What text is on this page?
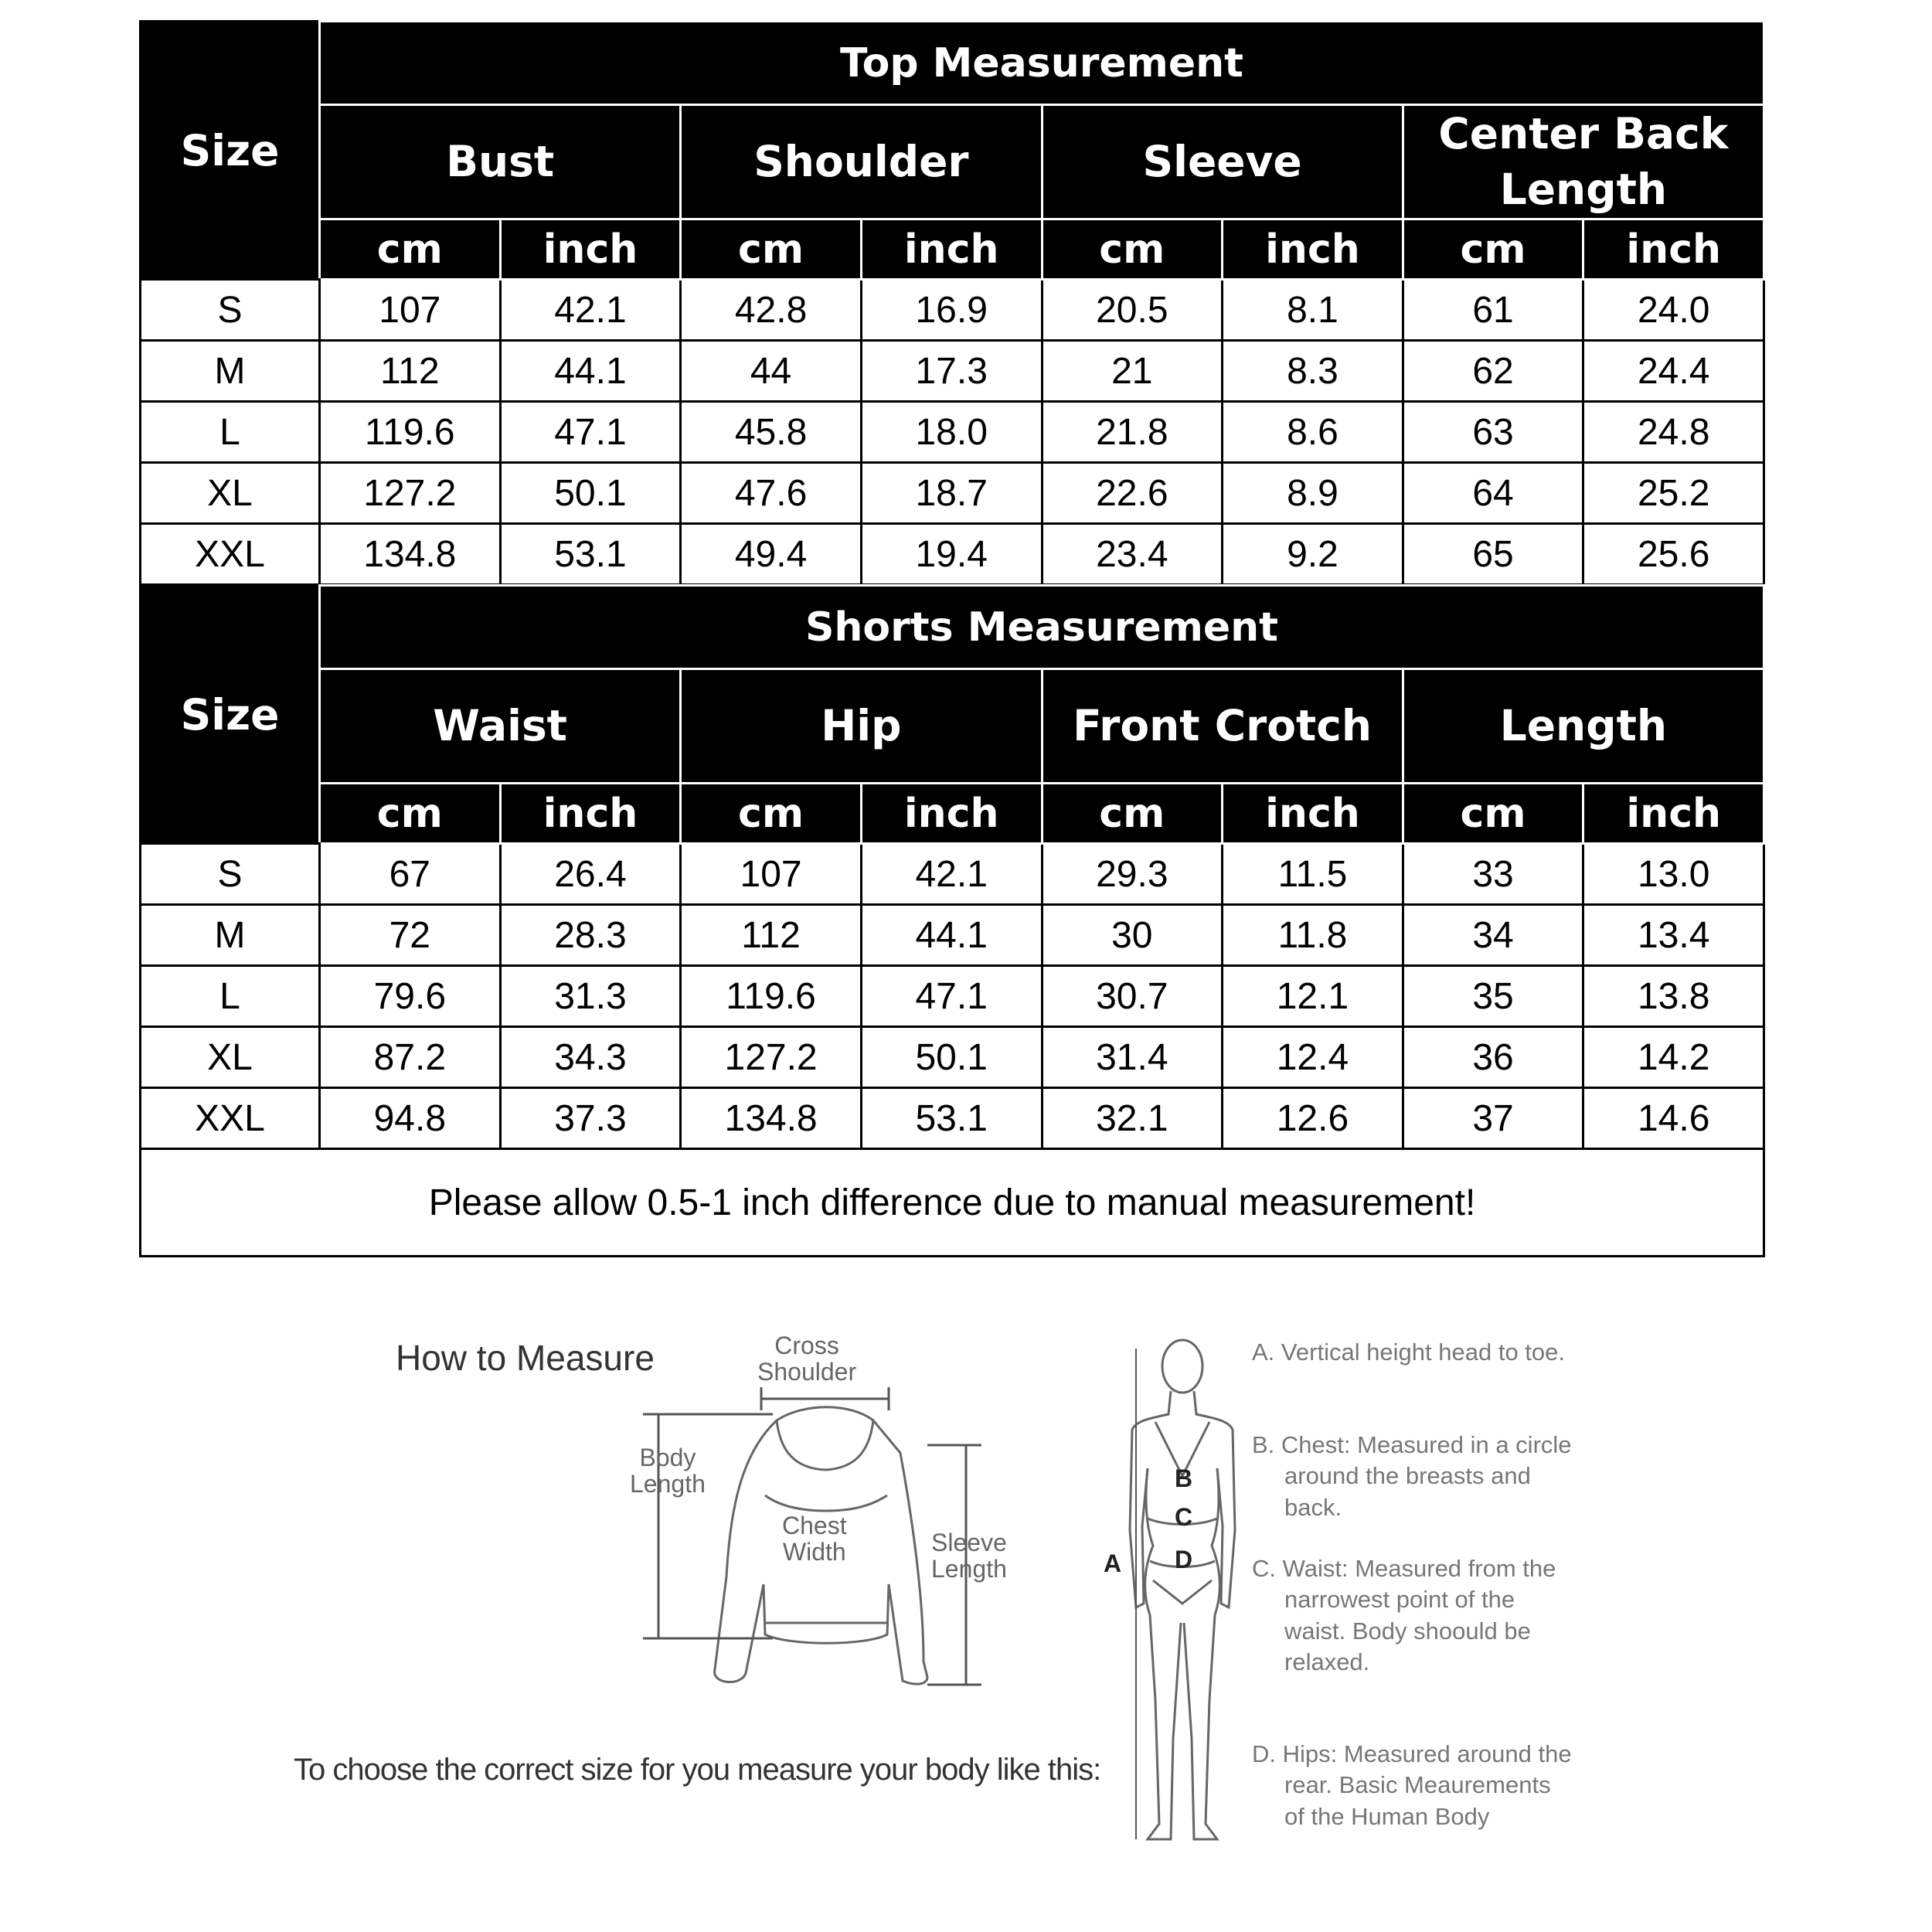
Size	Top Measurement							
	Bust		Shoulder		Sleeve		Center Back Length	
	cm	inch	cm	inch	cm	inch	cm	inch
S	107	42.1	42.8	16.9	20.5	8.1	61	24.0
M	112	44.1	44	17.3	21	8.3	62	24.4
L	119.6	47.1	45.8	18.0	21.8	8.6	63	24.8
XL	127.2	50.1	47.6	18.7	22.6	8.9	64	25.2
XXL	134.8	53.1	49.4	19.4	23.4	9.2	65	25.6
Size	Shorts Measurement							
	Waist		Hip		Front Crotch		Length	
	cm	inch	cm	inch	cm	inch	cm	inch
S	67	26.4	107	42.1	29.3	11.5	33	13.0
M	72	28.3	112	44.1	30	11.8	34	13.4
L	79.6	31.3	119.6	47.1	30.7	12.1	35	13.8
XL	87.2	34.3	127.2	50.1	31.4	12.4	36	14.2
XXL	94.8	37.3	134.8	53.1	32.1	12.6	37	14.6
Please allow 0.5-1 inch difference due to manual measurement!								
How to Measure	Cross
Shoulder
Body
Length
Chest
Width	Sleeve
Length	A
B
C
D
To choose the correct size for you measure your body like this:
A. Vertical height head to toe.
B. Chest: Measured in a circle around the breasts and back.
C. Waist: Measured from the narrowest point of the waist. Body shoould be relaxed.
D. Hips: Measured around the rear. Basic Meaurements of the Human Body
